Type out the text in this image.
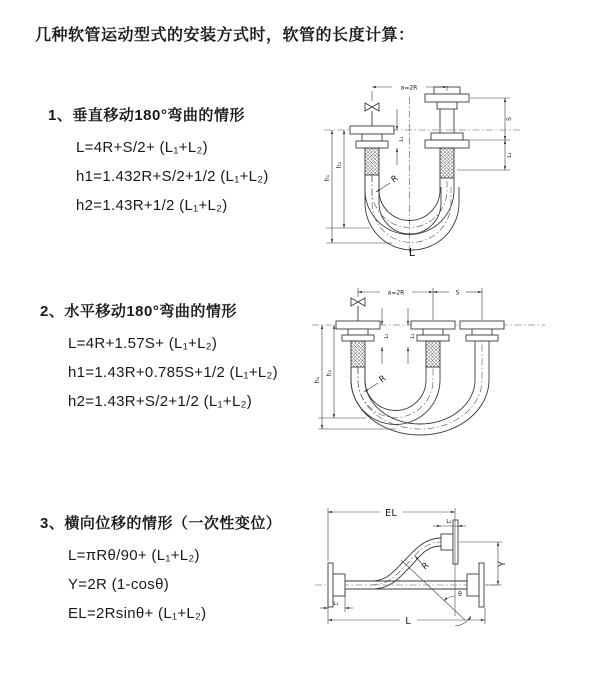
几种软管运动型式的安装方式时，软管的长度计算：
1、垂直移动180°弯曲的情形
L=4R+S/2+ (L₁+L₂)
h1=1.432R+S/2+1/2 (L₁+L₂)
h2=1.43R+1/2 (L₁+L₂)
2、水平移动180°弯曲的情形
L=4R+1.57S+ (L₁+L₂)
h1=1.43R+0.785S+1/2 (L₁+L₂)
h2=1.43R+S/2+1/2 (L₁+L₂)
3、横向位移的情形（一次性变位）
L=πRθ/90+ (L₁+L₂)
Y=2R (1-cosθ)
EL=2Rsinθ+ (L₁+L₂)
a=2R
S
L₂
h₁
h₂
L₁
R
L
a=2R	S
h₁
h₂
L₁	L₂
R
EL
L₂
Y
L
L₁
R
θ
